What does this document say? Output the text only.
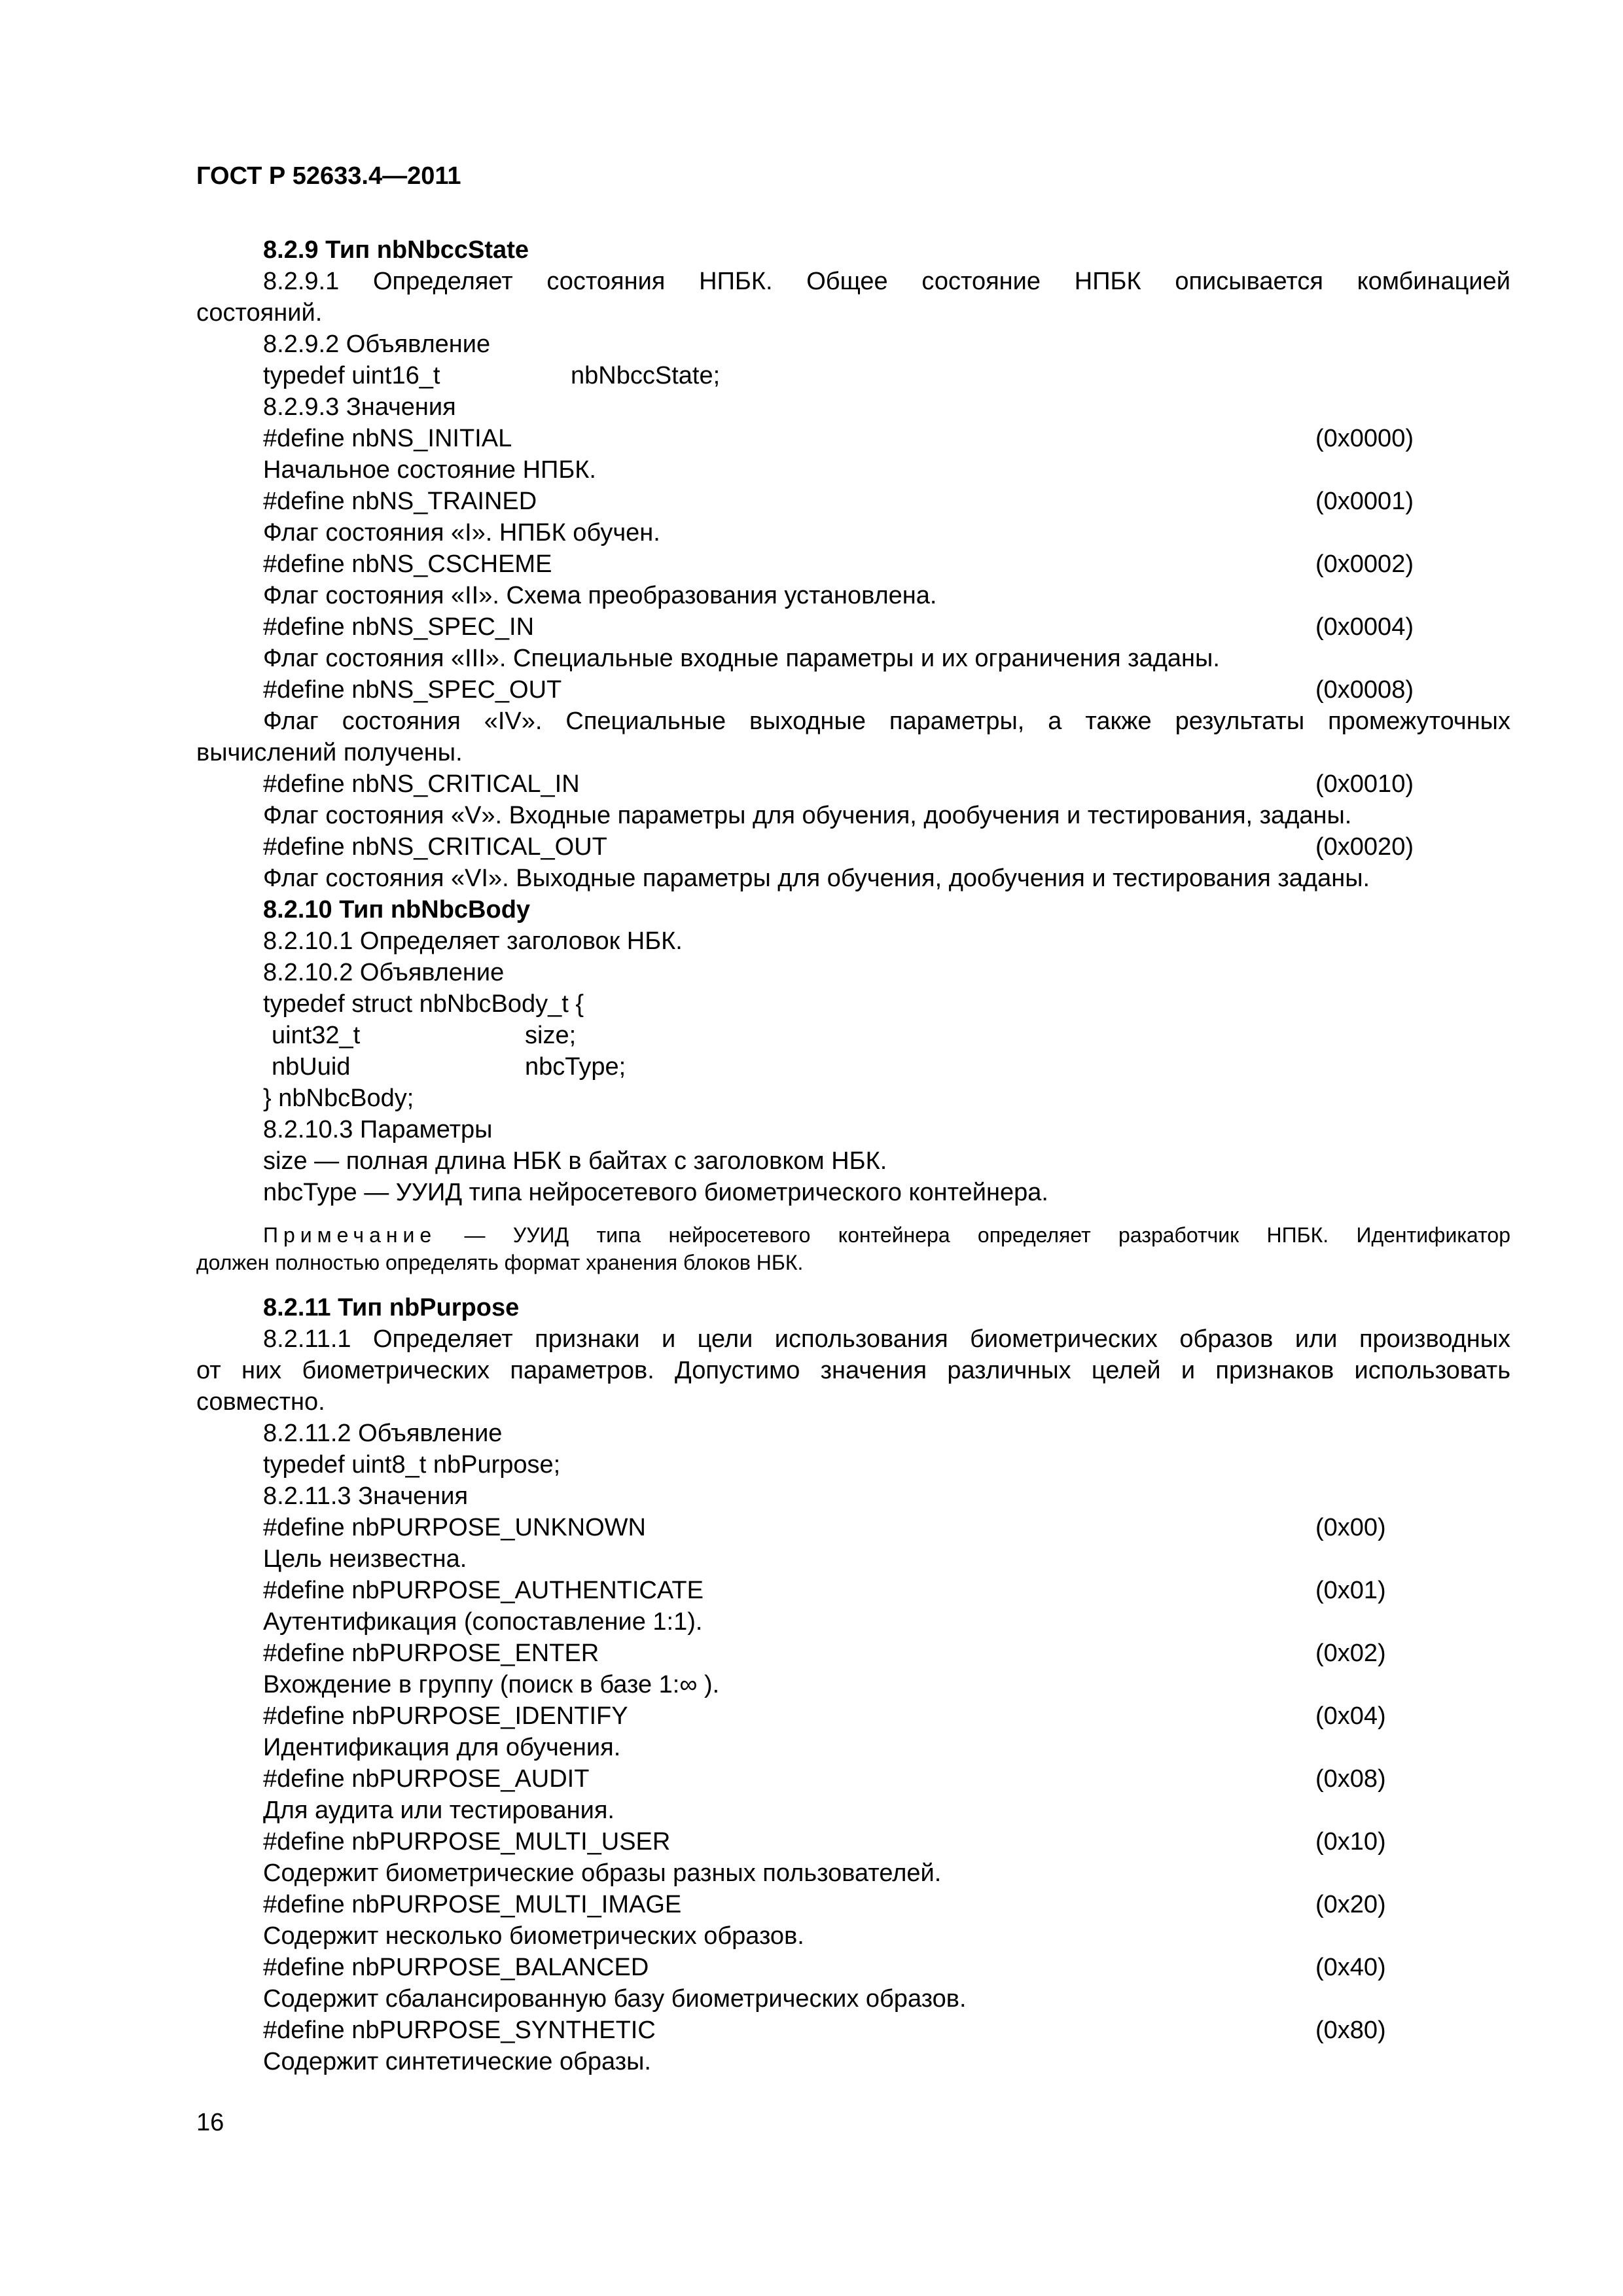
ГОСТ Р 52633.4—2011
8.2.9 Тип nbNbccState
8.2.9.1 Определяет состояния НПБК. Общее состояние НПБК описывается комбинацией
состояний.
8.2.9.2 Объявление
typedef uint16_t	nbNbccState;
8.2.9.3 Значения
#define nbNS_INITIAL	(0x0000)
Начальное состояние НПБК.
#define nbNS_TRAINED	(0x0001)
Флаг состояния «I». НПБК обучен.
#define nbNS_CSCHEME	(0x0002)
Флаг состояния «II». Схема преобразования установлена.
#define nbNS_SPEC_IN	(0x0004)
Флаг состояния «III». Специальные входные параметры и их ограничения заданы.
#define nbNS_SPEC_OUT	(0x0008)
Флаг состояния «IV». Специальные выходные параметры, а также результаты промежуточных
вычислений получены.
#define nbNS_CRITICAL_IN	(0x0010)
Флаг состояния «V». Входные параметры для обучения, дообучения и тестирования, заданы.
#define nbNS_CRITICAL_OUT	(0x0020)
Флаг состояния «VI». Выходные параметры для обучения, дообучения и тестирования заданы.
8.2.10 Тип nbNbcBody
8.2.10.1 Определяет заголовок НБК.
8.2.10.2 Объявление
typedef struct nbNbcBody_t {
uint32_t	size;
nbUuid	nbcType;
} nbNbcBody;
8.2.10.3 Параметры
size — полная длина НБК в байтах с заголовком НБК.
nbcType — УУИД типа нейросетевого биометрического контейнера.
Примечание — УУИД типа нейросетевого контейнера определяет разработчик НПБК. Идентификатор
должен полностью определять формат хранения блоков НБК.
8.2.11 Тип nbPurpose
8.2.11.1 Определяет признаки и цели использования биометрических образов или производных
от них биометрических параметров. Допустимо значения различных целей и признаков использовать
совместно.
8.2.11.2 Объявление
typedef uint8_t nbPurpose;
8.2.11.3 Значения
#define nbPURPOSE_UNKNOWN	(0x00)
Цель неизвестна.
#define nbPURPOSE_AUTHENTICATE	(0x01)
Аутентификация (сопоставление 1:1).
#define nbPURPOSE_ENTER	(0x02)
Вхождение в группу (поиск в базе 1:∞ ).
#define nbPURPOSE_IDENTIFY	(0x04)
Идентификация для обучения.
#define nbPURPOSE_AUDIT	(0x08)
Для аудита или тестирования.
#define nbPURPOSE_MULTI_USER	(0x10)
Содержит биометрические образы разных пользователей.
#define nbPURPOSE_MULTI_IMAGE	(0x20)
Содержит несколько биометрических образов.
#define nbPURPOSE_BALANCED	(0x40)
Содержит сбалансированную базу биометрических образов.
#define nbPURPOSE_SYNTHETIC	(0x80)
Содержит синтетические образы.
16
